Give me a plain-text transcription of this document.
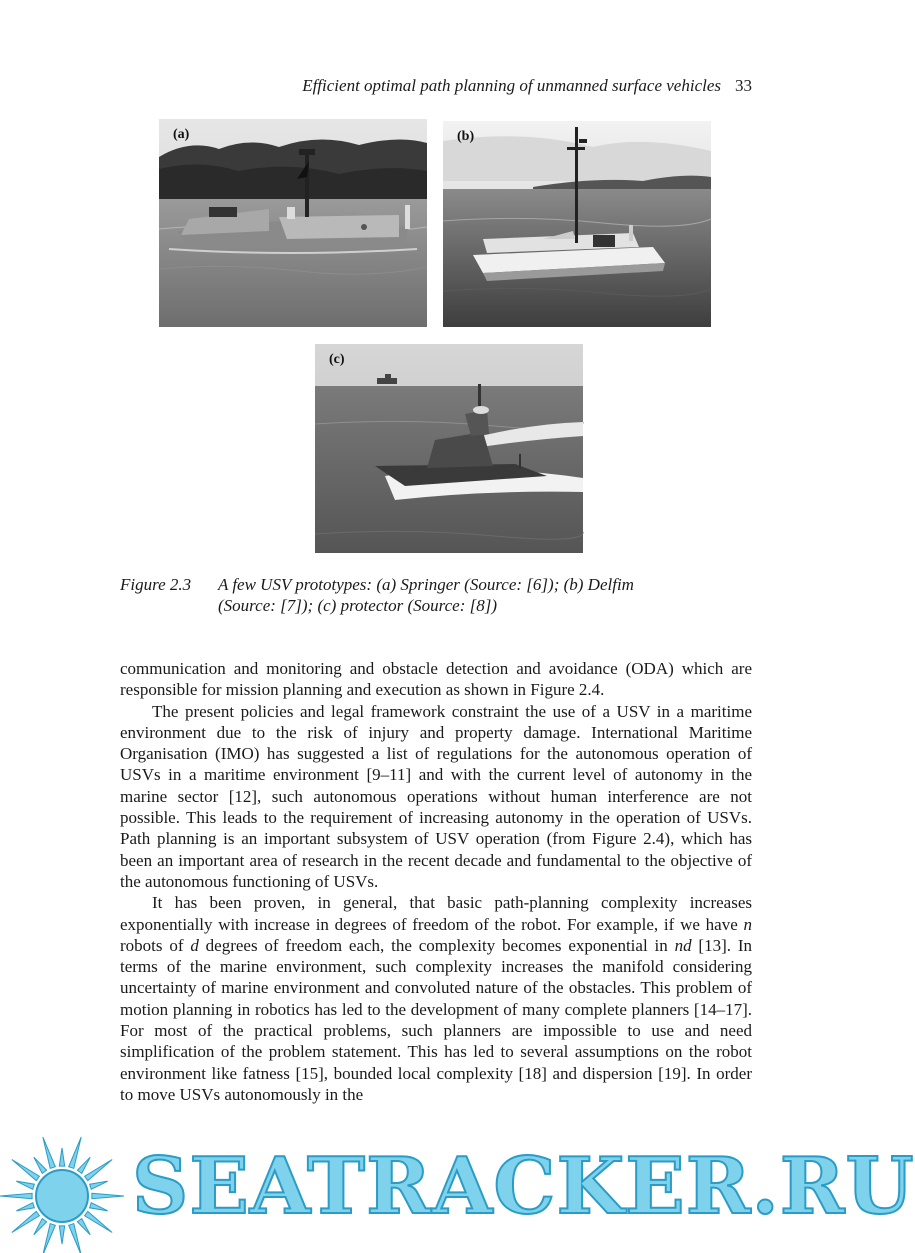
Efficient optimal path planning of unmanned surface vehicles 33
(a)	(b)
(c)
Figure 2.3 A few USV prototypes: (a) Springer (Source: [6]); (b) Delfim
(Source: [7]); (c) protector (Source: [8])

communication and monitoring and obstacle detection and avoidance (ODA) which are responsible for mission planning and execution as shown in Figure 2.4.

The present policies and legal framework constraint the use of a USV in a maritime environment due to the risk of injury and property damage. International Maritime Organisation (IMO) has suggested a list of regulations for the autonomous operation of USVs in a maritime environment [9–11] and with the current level of autonomy in the marine sector [12], such autonomous operations without human interference are not possible. This leads to the requirement of increasing autonomy in the operation of USVs. Path planning is an important subsystem of USV operation (from Figure 2.4), which has been an important area of research in the recent decade and fundamental to the objective of the autonomous functioning of USVs.

It has been proven, in general, that basic path-planning complexity increases exponentially with increase in degrees of freedom of the robot. For example, if we have n robots of d degrees of freedom each, the complexity becomes exponential in nd [13]. In terms of the marine environment, such complexity increases the manifold considering uncertainty of marine environment and convoluted nature of the obstacles. This problem of motion planning in robotics has led to the development of many complete planners [14–17]. For most of the practical problems, such planners are impossible to use and need simplification of the problem statement. This has led to several assumptions on the robot environment like fatness [15], bounded local complexity [18] and dispersion [19]. In order to move USVs autonomously in the

SEATRACKER.RU
